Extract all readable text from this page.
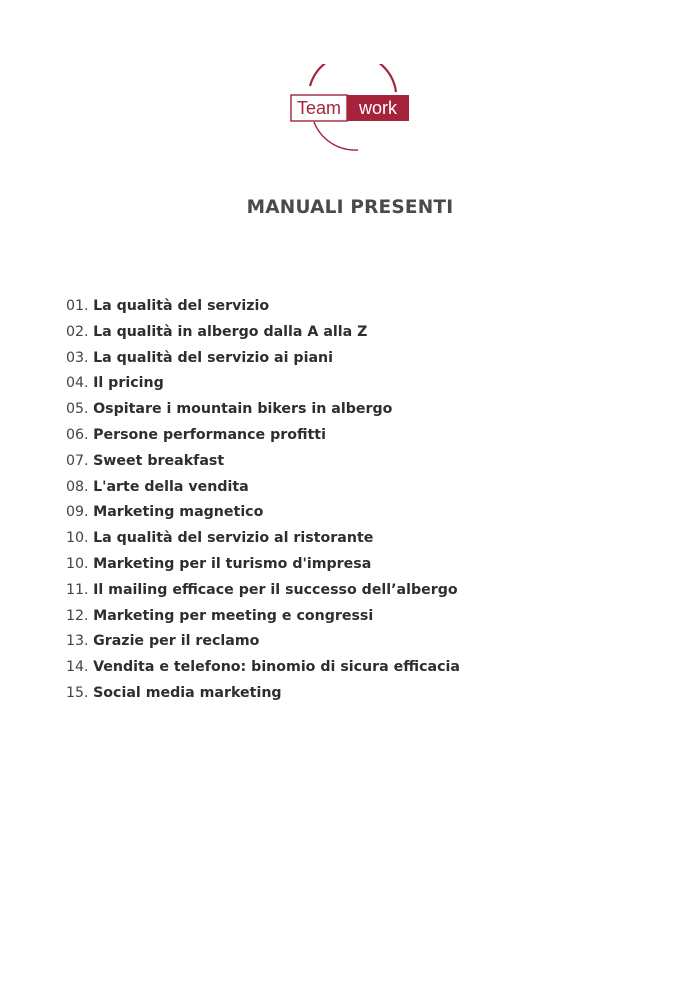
Team work
MANUALI PRESENTI
01. La qualità del servizio
02. La qualità in albergo dalla A alla Z
03. La qualità del servizio ai piani
04. Il pricing
05. Ospitare i mountain bikers in albergo
06. Persone performance profitti
07. Sweet breakfast
08. L'arte della vendita
09. Marketing magnetico
10. La qualità del servizio al ristorante
10. Marketing per il turismo d'impresa
11. Il mailing efficace per il successo dell’albergo
12. Marketing per meeting e congressi
13. Grazie per il reclamo
14. Vendita e telefono: binomio di sicura efficacia
15. Social media marketing
